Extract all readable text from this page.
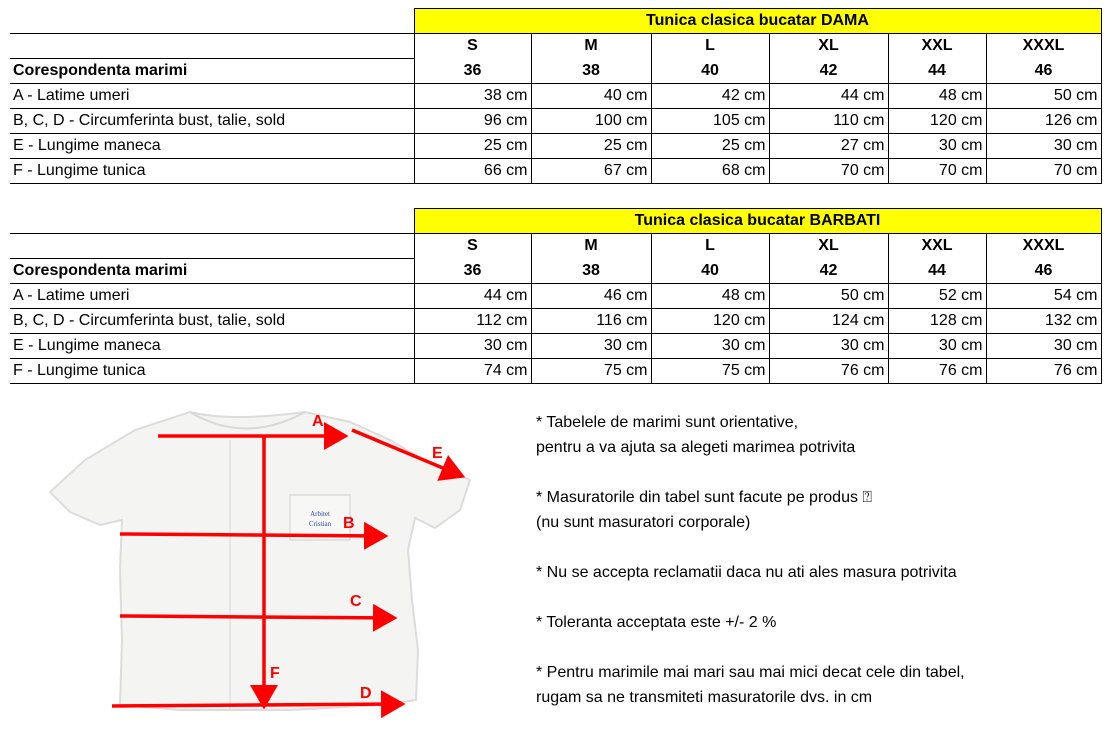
	Tunica clasica bucatar DAMA					
	S	M	L	XL	XXL	XXXL
Corespondenta marimi	36	38	40	42	44	46
A - Latime umeri	38 cm	40 cm	42 cm	44 cm	48 cm	50 cm
B, C, D - Circumferinta bust, talie, sold	96 cm	100 cm	105 cm	110 cm	120 cm	126 cm
E - Lungime maneca	25 cm	25 cm	25 cm	27 cm	30 cm	30 cm
F - Lungime tunica	66 cm	67 cm	68 cm	70 cm	70 cm	70 cm
	Tunica clasica bucatar BARBATI					
	S	M	L	XL	XXL	XXXL
Corespondenta marimi	36	38	40	42	44	46
A - Latime umeri	44 cm	46 cm	48 cm	50 cm	52 cm	54 cm
B, C, D - Circumferinta bust, talie, sold	112 cm	116 cm	120 cm	124 cm	128 cm	132 cm
E - Lungime maneca	30 cm	30 cm	30 cm	30 cm	30 cm	30 cm
F - Lungime tunica	74 cm	75 cm	75 cm	76 cm	76 cm	76 cm
Arbitet
Cristian
A
E
B
C
D
F

* Tabelele de marimi sunt orientative,
pentru a va ajuta sa alegeti marimea potrivita

* Masuratorile din tabel sunt facute pe produs ⍰
(nu sunt masuratori corporale)

* Nu se accepta reclamatii daca nu ati ales masura potrivita

* Toleranta acceptata este +/- 2 %

* Pentru marimile mai mari sau mai mici decat cele din tabel,
rugam sa ne transmiteti masuratorile dvs. in cm
